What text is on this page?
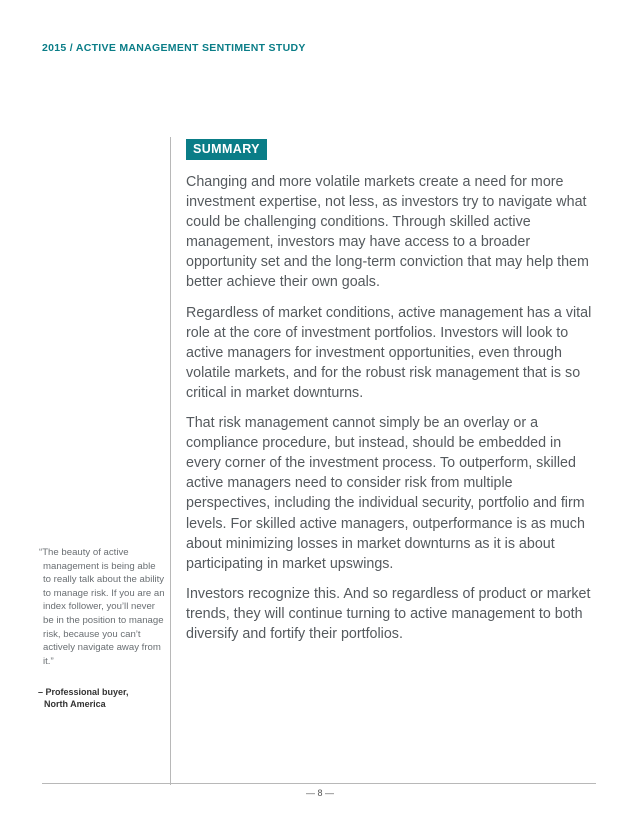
2015 / ACTIVE MANAGEMENT SENTIMENT STUDY
SUMMARY

Changing and more volatile markets create a need for more investment expertise, not less, as investors try to navigate what could be challenging conditions. Through skilled active management, investors may have access to a broader opportunity set and the long-term conviction that may help them better achieve their own goals.

Regardless of market conditions, active management has a vital role at the core of investment portfolios. Investors will look to active managers for investment opportunities, even through volatile markets, and for the robust risk management that is so critical in market downturns.

That risk management cannot simply be an overlay or a compliance procedure, but instead, should be embedded in every corner of the investment process. To outperform, skilled active managers need to consider risk from multiple perspectives, including the individual security, portfolio and firm levels. For skilled active managers, outperformance is as much about minimizing losses in market downturns as it is about participating in market upswings.

Investors recognize this. And so regardless of product or market trends, they will continue turning to active management to both diversify and fortify their portfolios.

“The beauty of active management is being able to really talk about the ability to manage risk. If you are an index follower, you’ll never be in the position to manage risk, because you can’t actively navigate away from it.”
– Professional buyer,
North America
— 8 —
